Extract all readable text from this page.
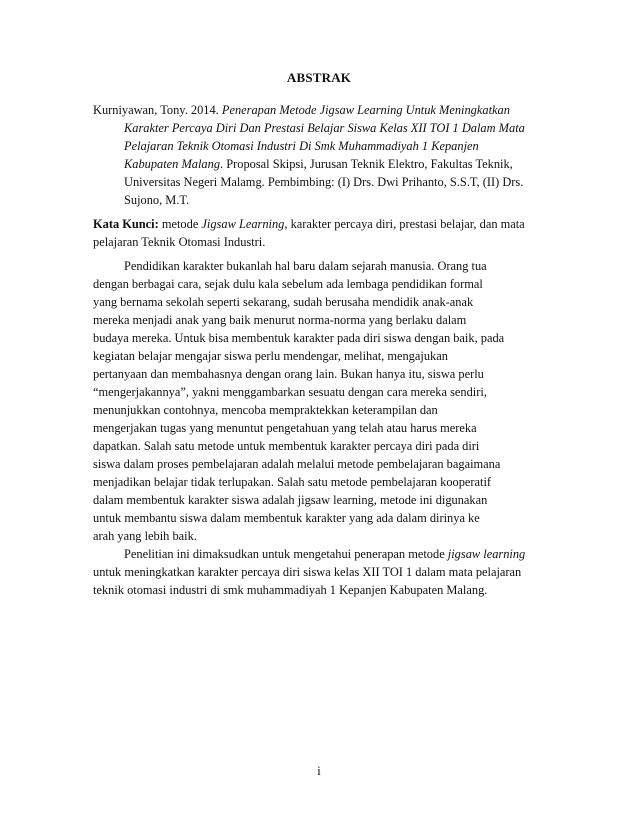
ABSTRAK
Kurniyawan, Tony. 2014. Penerapan Metode Jigsaw Learning Untuk Meningkatkan
Karakter Percaya Diri Dan Prestasi Belajar Siswa Kelas XII TOI 1 Dalam Mata
Pelajaran Teknik Otomasi Industri Di Smk Muhammadiyah 1 Kepanjen
Kabupaten Malang. Proposal Skipsi, Jurusan Teknik Elektro, Fakultas Teknik,
Universitas Negeri Malamg. Pembimbing: (I) Drs. Dwi Prihanto, S.S.T, (II) Drs.
Sujono, M.T.
Kata Kunci: metode Jigsaw Learning, karakter percaya diri, prestasi belajar, dan mata
pelajaran Teknik Otomasi Industri.
Pendidikan karakter bukanlah hal baru dalam sejarah manusia. Orang tua
dengan berbagai cara, sejak dulu kala sebelum ada lembaga pendidikan formal
yang bernama sekolah seperti sekarang, sudah berusaha mendidik anak-anak
mereka menjadi anak yang baik menurut norma-norma yang berlaku dalam
budaya mereka. Untuk bisa membentuk karakter pada diri siswa dengan baik, pada
kegiatan belajar mengajar siswa perlu mendengar, melihat, mengajukan
pertanyaan dan membahasnya dengan orang lain. Bukan hanya itu, siswa perlu
“mengerjakannya”, yakni menggambarkan sesuatu dengan cara mereka sendiri,
menunjukkan contohnya, mencoba mempraktekkan keterampilan dan
mengerjakan tugas yang menuntut pengetahuan yang telah atau harus mereka
dapatkan. Salah satu metode untuk membentuk karakter percaya diri pada diri
siswa dalam proses pembelajaran adalah melalui metode pembelajaran bagaimana
menjadikan belajar tidak terlupakan. Salah satu metode pembelajaran kooperatif
dalam membentuk karakter siswa adalah jigsaw learning, metode ini digunakan
untuk membantu siswa dalam membentuk karakter yang ada dalam dirinya ke
arah yang lebih baik.
Penelitian ini dimaksudkan untuk mengetahui penerapan metode jigsaw learning
untuk meningkatkan karakter percaya diri siswa kelas XII TOI 1 dalam mata pelajaran
teknik otomasi industri di smk muhammadiyah 1 Kepanjen Kabupaten Malang.
i
